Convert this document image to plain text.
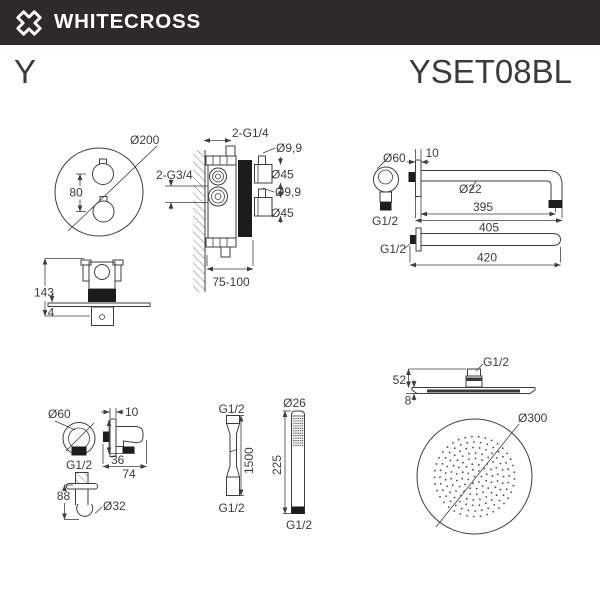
WHITECROSS
Y	YSET08BL
80
Ø200	2-G1/4
2-G3/4
Ø9,9
Ø45
Ø9,9
Ø45
75-100
143
4
Ø60
G1/2
10
Ø22
395
405
G1/2
420
Ø60
G1/2
10
36
74
88
Ø32
G1/2
1500
G1/2
Ø26
225
G1/2
G1/2
52
8
Ø300
